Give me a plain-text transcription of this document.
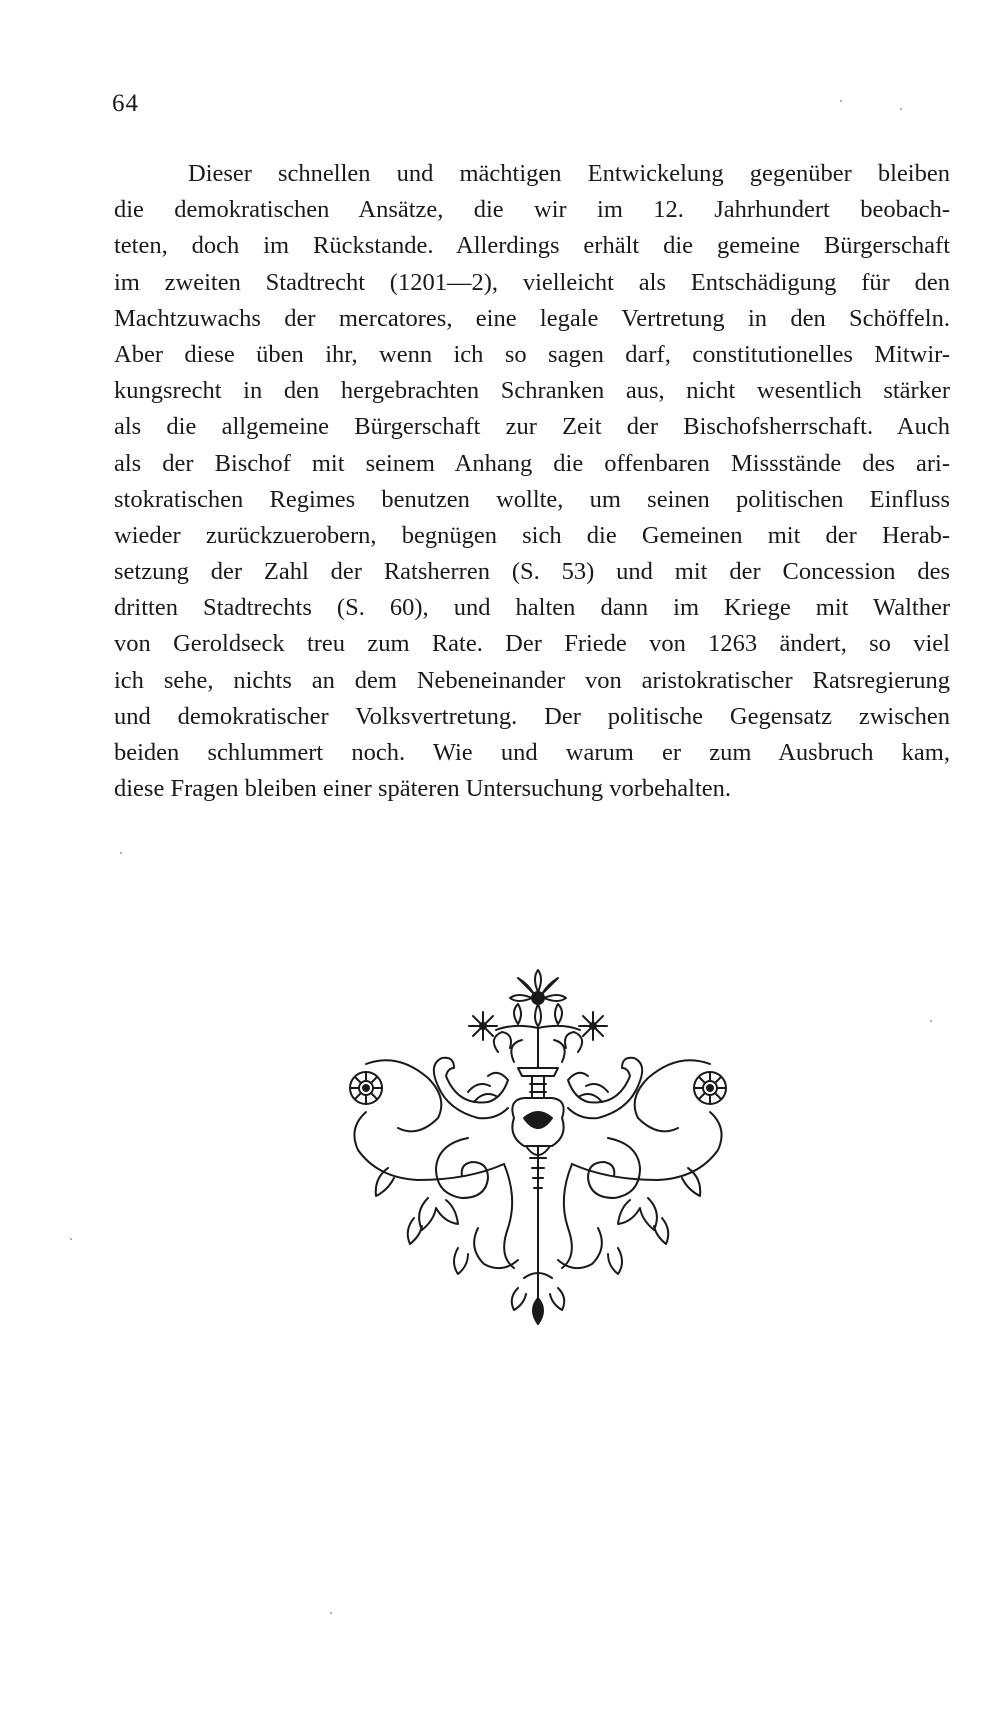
64
Dieser schnellen und mächtigen Entwickelung gegenüber bleiben
die demokratischen Ansätze, die wir im 12. Jahrhundert beobach-
teten, doch im Rückstande. Allerdings erhält die gemeine Bürgerschaft
im zweiten Stadtrecht (1201—2), vielleicht als Entschädigung für den
Machtzuwachs der mercatores, eine legale Vertretung in den Schöffeln.
Aber diese üben ihr, wenn ich so sagen darf, constitutionelles Mitwir-
kungsrecht in den hergebrachten Schranken aus, nicht wesentlich stärker
als die allgemeine Bürgerschaft zur Zeit der Bischofsherrschaft. Auch
als der Bischof mit seinem Anhang die offenbaren Missstände des ari-
stokratischen Regimes benutzen wollte, um seinen politischen Einfluss
wieder zurückzuerobern, begnügen sich die Gemeinen mit der Herab-
setzung der Zahl der Ratsherren (S. 53) und mit der Concession des
dritten Stadtrechts (S. 60), und halten dann im Kriege mit Walther
von Geroldseck treu zum Rate. Der Friede von 1263 ändert, so viel
ich sehe, nichts an dem Nebeneinander von aristokratischer Ratsregierung
und demokratischer Volksvertretung. Der politische Gegensatz zwischen
beiden schlummert noch. Wie und warum er zum Ausbruch kam,
diese Fragen bleiben einer späteren Untersuchung vorbehalten.
